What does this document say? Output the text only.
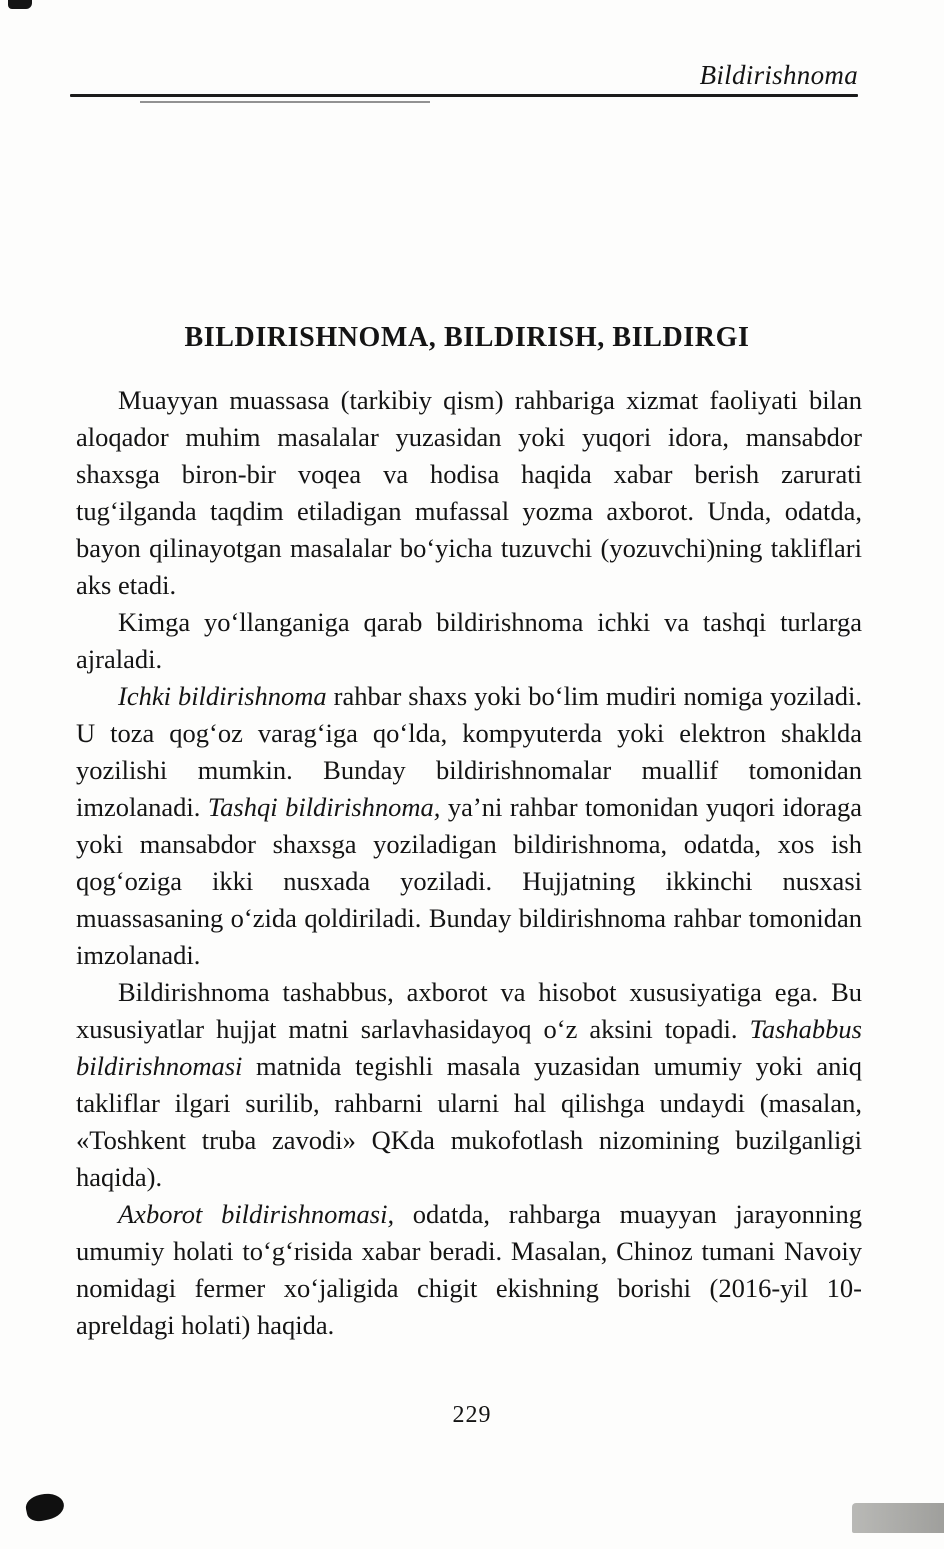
Bildirishnoma
BILDIRISHNOMA, BILDIRISH, BILDIRGI

Muayyan muassasa (tarkibiy qism) rahbariga xizmat faoliyati bilan aloqador muhim masalalar yuzasidan yoki yuqori idora, mansabdor shaxsga biron-bir voqea va hodisa haqida xabar berish zarurati tugʻilganda taqdim etiladigan mufassal yozma axborot. Unda, odatda, bayon qilinayotgan masalalar boʻyicha tuzuvchi (yozuvchi)ning takliflari aks etadi.

Kimga yoʻllanganiga qarab bildirishnoma ichki va tashqi turlarga ajraladi.

Ichki bildirishnoma rahbar shaxs yoki boʻlim mudiri nomiga yoziladi. U toza qogʻoz varagʻiga qoʻlda, kompyuterda yoki elektron shaklda yozilishi mumkin. Bunday bildirishnomalar muallif tomonidan imzolanadi. Tashqi bildirishnoma, yaʼni rahbar tomonidan yuqori idoraga yoki mansabdor shaxsga yoziladigan bildirishnoma, odatda, xos ish qogʻoziga ikki nusxada yoziladi. Hujjatning ikkinchi nusxasi muassasaning oʻzida qoldiriladi. Bunday bildirishnoma rahbar tomonidan imzolanadi.

Bildirishnoma tashabbus, axborot va hisobot xususiyatiga ega. Bu xususiyatlar hujjat matni sarlavhasidayoq oʻz aksini topadi. Tashabbus bildirishnomasi matnida tegishli masala yuzasidan umumiy yoki aniq takliflar ilgari surilib, rahbarni ularni hal qilishga undaydi (masalan, «Toshkent truba zavodi» QKda mukofotlash nizomining buzilganligi haqida).

Axborot bildirishnomasi, odatda, rahbarga muayyan jarayonning umumiy holati toʻgʻrisida xabar beradi. Masalan, Chinoz tumani Navoiy nomidagi fermer xoʻjaligida chigit ekishning borishi (2016-yil 10-apreldagi holati) haqida.

229
